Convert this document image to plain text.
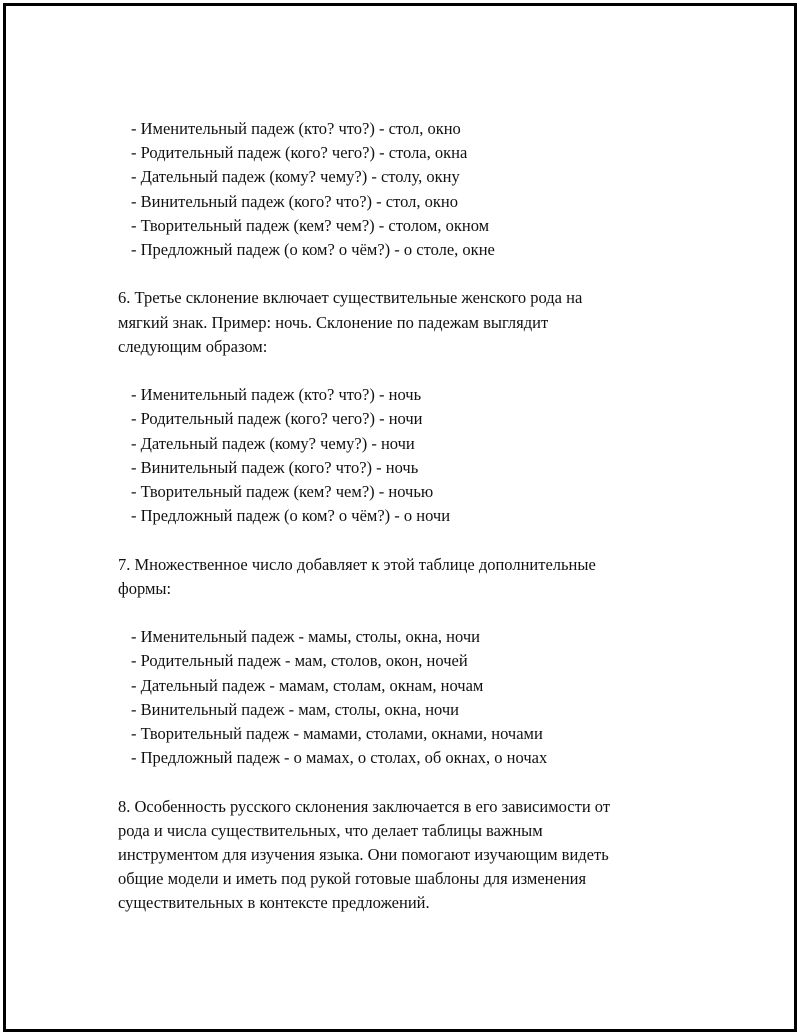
- Именительный падеж (кто? что?) - стол, окно
- Родительный падеж (кого? чего?) - стола, окна
- Дательный падеж (кому? чему?) - столу, окну
- Винительный падеж (кого? что?) - стол, окно
- Творительный падеж (кем? чем?) - столом, окном
- Предложный падеж (о ком? о чём?) - о столе, окне

6. Третье склонение включает существительные женского рода на
мягкий знак. Пример: ночь. Склонение по падежам выглядит
следующим образом:

- Именительный падеж (кто? что?) - ночь
- Родительный падеж (кого? чего?) - ночи
- Дательный падеж (кому? чему?) - ночи
- Винительный падеж (кого? что?) - ночь
- Творительный падеж (кем? чем?) - ночью
- Предложный падеж (о ком? о чём?) - о ночи

7. Множественное число добавляет к этой таблице дополнительные
формы:

- Именительный падеж - мамы, столы, окна, ночи
- Родительный падеж - мам, столов, окон, ночей
- Дательный падеж - мамам, столам, окнам, ночам
- Винительный падеж - мам, столы, окна, ночи
- Творительный падеж - мамами, столами, окнами, ночами
- Предложный падеж - о мамах, о столах, об окнах, о ночах

8. Особенность русского склонения заключается в его зависимости от
рода и числа существительных, что делает таблицы важным
инструментом для изучения языка. Они помогают изучающим видеть
общие модели и иметь под рукой готовые шаблоны для изменения
существительных в контексте предложений.
